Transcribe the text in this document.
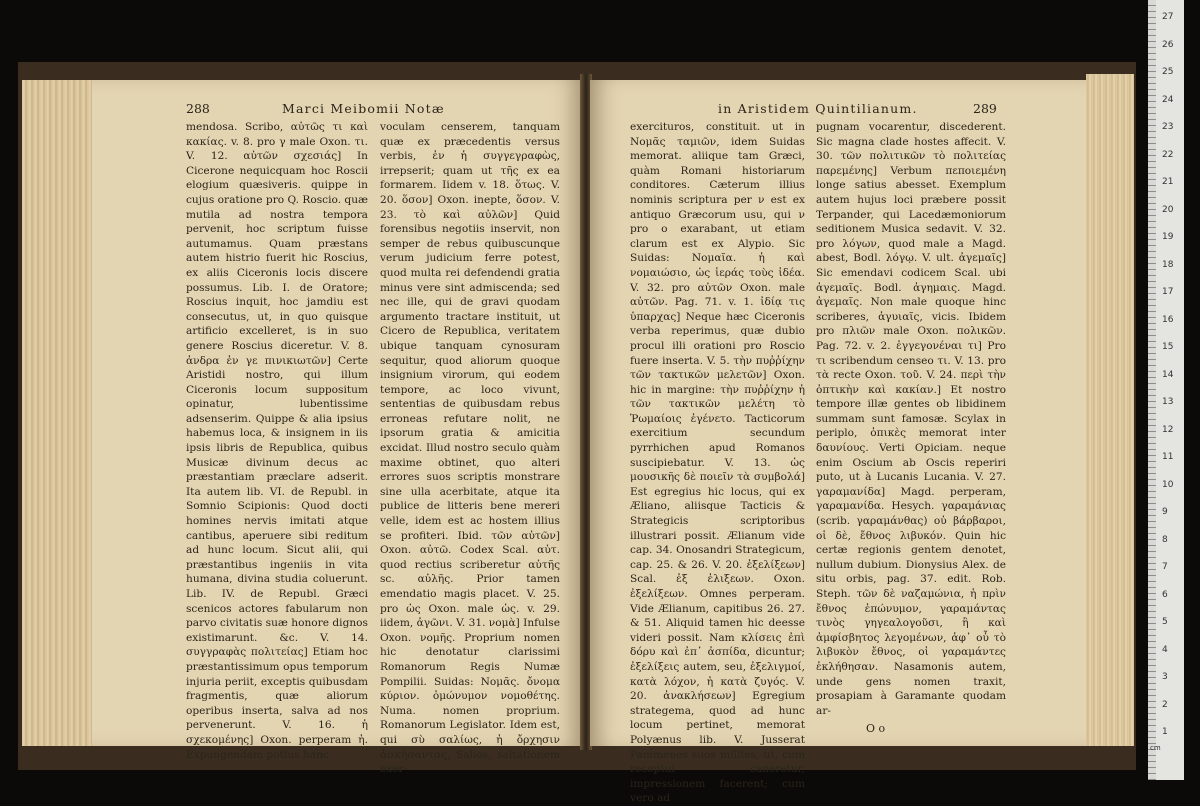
288	Marci Meibomii Notæ

mendosa. Scribo, αὐτῶς τι καὶ κακίας. v. 8. pro γ male Oxon. τι. V. 12. αὐτῶν σχεσιάς] In Cicerone nequicquam hoc Roscii elogium quæsiveris. quippe in cujus oratione pro Q. Roscio. quæ mutila ad nostra tempora pervenit, hoc scriptum fuisse autumamus. Quam præstans autem histrio fuerit hic Roscius, ex aliis Ciceronis locis discere possumus. Lib. I. de Oratore; Roscius inquit, hoc jamdiu est consecutus, ut, in quo quisque artificio excelleret, is in suo genere Roscius diceretur. V. 8. ἀνδρα ἐν γε πινικιωτῶν] Certe Aristidi nostro, qui illum Ciceronis locum suppositum opinatur, lubentissime adsenserim. Quippe & alia ipsius habemus loca, & insignem in iis ipsis libris de Republica, quibus Musicæ divinum decus ac præstantiam præclare adserit. Ita autem lib. VI. de Republ. in Somnio Scipionis: Quod docti homines nervis imitati atque cantibus, aperuere sibi reditum ad hunc locum. Sicut alii, qui præstantibus ingeniis in vita humana, divina studia coluerunt. Lib. IV. de Republ. Græci scenicos actores fabularum non parvo civitatis suæ honore dignos existimarunt. &c. V. 14. συγγραφὰς πολιτείας] Etiam hoc præstantissimum opus temporum injuria periit, exceptis quibusdam fragmentis, quæ aliorum operibus inserta, salva ad nos pervenerunt. V. 16. ἡ σχεκομένης] Oxon. perperam ἡ. Expungendam potius hanc

voculam censerem, tanquam quæ ex præcedentis versus verbis, ἐν ἡ συγγεγραφὼς, irrepserit; quam ut τῆς ex ea formarem. Iidem v. 18. ὅτως. V. 20. ὅσον] Oxon. inepte, ὅσον. V. 23. τὸ καὶ αὐλῶν] Quid forensibus negotiis inservit, non semper de rebus quibuscunque verum judicium ferre potest, quod multa rei defendendi gratia minus vere sint admiscenda; sed nec ille, qui de gravi quodam argumento tractare instituit, ut Cicero de Republica, veritatem ubique tanquam cynosuram sequitur, quod aliorum quoque insignium virorum, qui eodem tempore, ac loco vivunt, sententias de quibusdam rebus erroneas refutare nolit, ne ipsorum gratia & amicitia excidat. Illud nostro seculo quàm maxime obtinet, quo alteri errores suos scriptis monstrare sine ulla acerbitate, atque ita publice de litteris bene mereri velle, idem est ac hostem illius se profiteri. Ibid. τῶν αὐτῶν] Oxon. αὐτῶ. Codex Scal. αὐτ. quod rectius scriberetur αὐτῆς sc. αὐλῆς. Prior tamen emendatio magis placet. V. 25. pro ὡς Oxon. male ὡς. v. 29. iidem, ἀγῶνι. V. 31. νομὰ] Infulse Oxon. νομῆς. Proprium nomen hic denotatur clarissimi Romanorum Regis Numæ Pompilii. Suidas: Νομᾶς. ὄνομα κύριον. ὁμώνυμον νομοθέτης. Numa. nomen proprium. Romanorum Legislator. Idem est, qui σὺ σαλίως, ἡ ὄρχησιν ἀσκήσαντας, Salios, saltationem exer-

in Aristidem Quintilianum.	289

exercituros, constituit. ut in Νομᾶς ταμιῶν, idem Suidas memorat. aliique tam Græci, quàm Romani historiarum conditores. Cæterum illius nominis scriptura per ν est ex antiquo Græcorum usu, qui ν pro ο exarabant, ut etiam clarum est ex Alypio. Sic Suidas: Νομαῖα. ἡ καὶ νομαιώσιο, ὡς ἱεράς τοὺς ἱδέα. V. 32. pro αὐτῶν Oxon. male αὐτῶν. Pag. 71. v. 1. ἰδίᾳ τις ὑπαρχας] Neque hæc Ciceronis verba reperimus, quæ dubio procul illi orationi pro Roscio fuere inserta. V. 5. τὴν πυῤῥίχην τῶν τακτικῶν μελετῶν] Oxon. hic in margine: τὴν πυῤῥίχην ἡ τῶν τακτικῶν μελέτη τὸ Ῥωμαίοις ἐγένετο. Tacticorum exercitium secundum pyrrhichen apud Romanos suscipiebatur. V. 13. ὡς μουσικῆς δὲ ποιεῖν τὰ συμβολά] Est egregius hic locus, qui ex Æliano, aliisque Tacticis & Strategicis scriptoribus illustrari possit. Ælianum vide cap. 34. Onosandri Strategicum, cap. 25. & 26. V. 20. ἐξελίξεων] Scal. ἐξ ἐλιξεων. Oxon. ἐξελίξεων. Omnes perperam. Vide Ælianum, capitibus 26. 27. & 51. Aliquid tamen hic deesse videri possit. Nam κλίσεις ἐπὶ δόρυ καὶ ἐπ᾽ ἀσπίδα, dicuntur; ἐξελίξεις autem, seu, ἐξελιγμοί, κατὰ λόχον, ἡ κατὰ ζυγός. V. 20. ἀνακλήσεων] Egregium strategema, quod ad hunc locum pertinet, memorat Polyænus lib. V. Jusserat Pammenes suos milites, ut, cum receptui caneretur, impressionem facerent; cum vero ad

pugnam vocarentur, discederent. Sic magna clade hostes affecit. V. 30. τῶν πολιτικῶν τὸ πολιτείας παρεμένης] Verbum πεποιεμένη longe satius abesset. Exemplum autem hujus loci præbere possit Terpander, qui Lacedæmoniorum seditionem Musica sedavit. V. 32. pro λόγων, quod male a Magd. abest, Bodl. λόγῳ. V. ult. ἀγεμαῖς] Sic emendavi codicem Scal. ubi ἀγεμαῖς. Bodl. ἀγημαις. Magd. ἀγεμαῖς. Non male quoque hinc scriberes, ἀγυιαῖς, vicis. Ibidem pro πλιῶν male Oxon. πολικῶν. Pag. 72. v. 2. ἐγγεγονέναι τι] Pro τι scribendum censeo τι. V. 13. pro τὰ recte Oxon. τοῦ. V. 24. περὶ τὴν ὀπτικὴν καὶ κακίαν.] Et nostro tempore illæ gentes ob libidinem summam sunt famosæ. Scylax in periplo, ὀπικὲς memorat inter δαυνίους. Verti Opiciam. neque enim Oscium ab Oscis reperiri puto, ut à Lucanis Lucania. V. 27. γαραμανίδα] Magd. perperam, γαραμανίδα. Hesych. γαραμάνιας (scrib. γαραμάνθας) οὐ βάρβαροι, οἱ δὲ, ἔθνος λιβυκόν. Quin hic certæ regionis gentem denotet, nullum dubium. Dionysius Alex. de situ orbis, pag. 37. edit. Rob. Steph. τῶν δὲ ναζαμώνια, ἡ πρὶν ἔθνος ἐπώνυμον, γαραμάντας τινὸς γηγεαλογοῦσι, ἢ καὶ ἀμφίσβητος λεγομένων, ἀφ᾽ οὗ τὸ λιβυκὸν ἔθνος, οἱ γαραμάντες ἐκλήθησαν. Nasamonis autem, unde gens nomen traxit, prosapiam à Garamante quodam ar-

O o
27
26
25
24
23
22
21
20
19
18
17
16
15
14
13
12
11
10
9
8
7
6
5
4
3
2
1
cm
